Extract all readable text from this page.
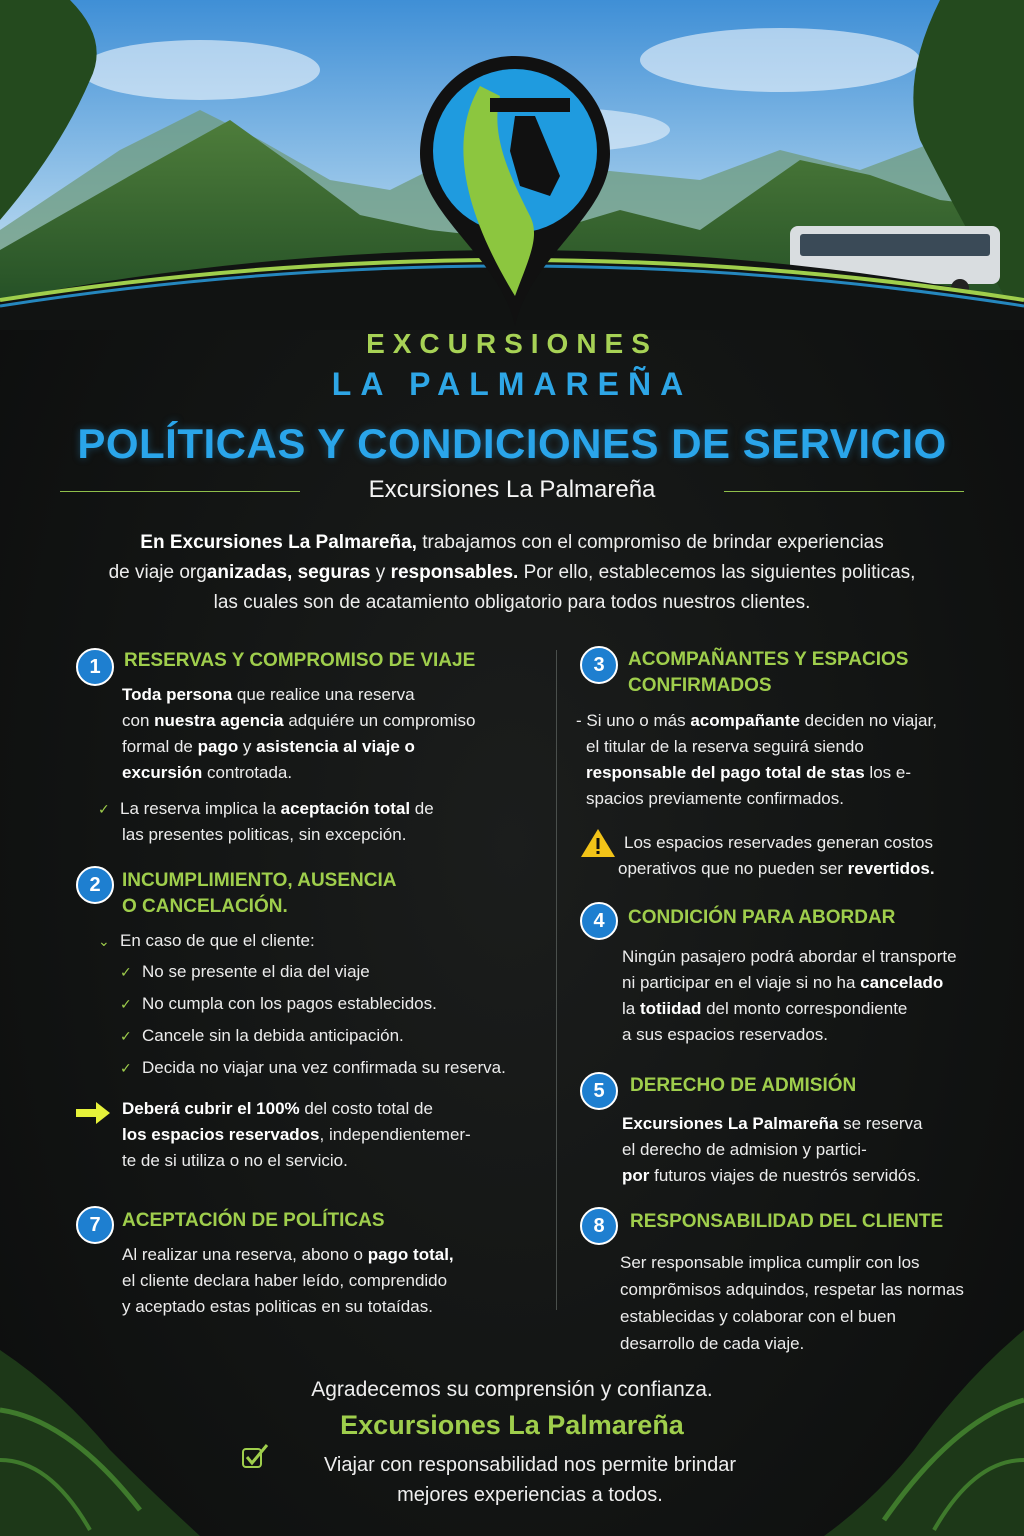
EXCURSIONES
LA PALMAREÑA
POLÍTICAS Y CONDICIONES DE SERVICIO
Excursiones La Palmareña
En Excursiones La Palmareña, trabajamos con el compromiso de brindar experiencias
de viaje organizadas, seguras y responsables. Por ello, establecemos las siguientes politicas,
las cuales son de acatamiento obligatorio para todos nuestros clientes.
1	RESERVAS Y COMPROMISO DE VIAJE
Toda persona que realice una reserva
con nuestra agencia adquiére un compromiso
formal de pago y asistencia al viaje o
excursión controtada.
✓ La reserva implica la aceptación total de
las presentes politicas, sin excepción.
2	INCUMPLIMIENTO, AUSENCIA
O CANCELACIÓN.
⌄ En caso de que el cliente:
✓ No se presente el dia del viaje
✓ No cumpla con los pagos establecidos.
✓ Cancele sin la debida anticipación.
✓ Decida no viajar una vez confirmada su reserva.
Deberá cubrir el 100% del costo total de
los espacios reservados, independientemer-
te de si utiliza o no el servicio.
7	ACEPTACIÓN DE POLÍTICAS
Al realizar una reserva, abono o pago total,
el cliente declara haber leído, comprendido
y aceptado estas politicas en su totaídas.
3	ACOMPAÑANTES Y ESPACIOS
CONFIRMADOS
- Si uno o más acompañante deciden no viajar,
el titular de la reserva seguirá siendo
responsable del pago total de stas los e-
spacios previamente confirmados.
Los espacios reservades generan costos
operativos que no pueden ser revertidos.
4	CONDICIÓN PARA ABORDAR
Ningún pasajero podrá abordar el transporte
ni participar en el viaje si no ha cancelado
la totiidad del monto correspondiente
a sus espacios reservados.
5	DERECHO DE ADMISIÓN
Excursiones La Palmareña se reserva
el derecho de admision y partici-
por futuros viajes de nuestrós servidós.
8	RESPONSABILIDAD DEL CLIENTE
Ser responsable implica cumplir con los
comprõmisos adquindos, respetar las normas
establecidas y colaborar con el buen
desarrollo de cada viaje.
Agradecemos su comprensión y confianza.
Excursiones La Palmareña
Viajar con responsabilidad nos permite brindar
mejores experiencias a todos.
